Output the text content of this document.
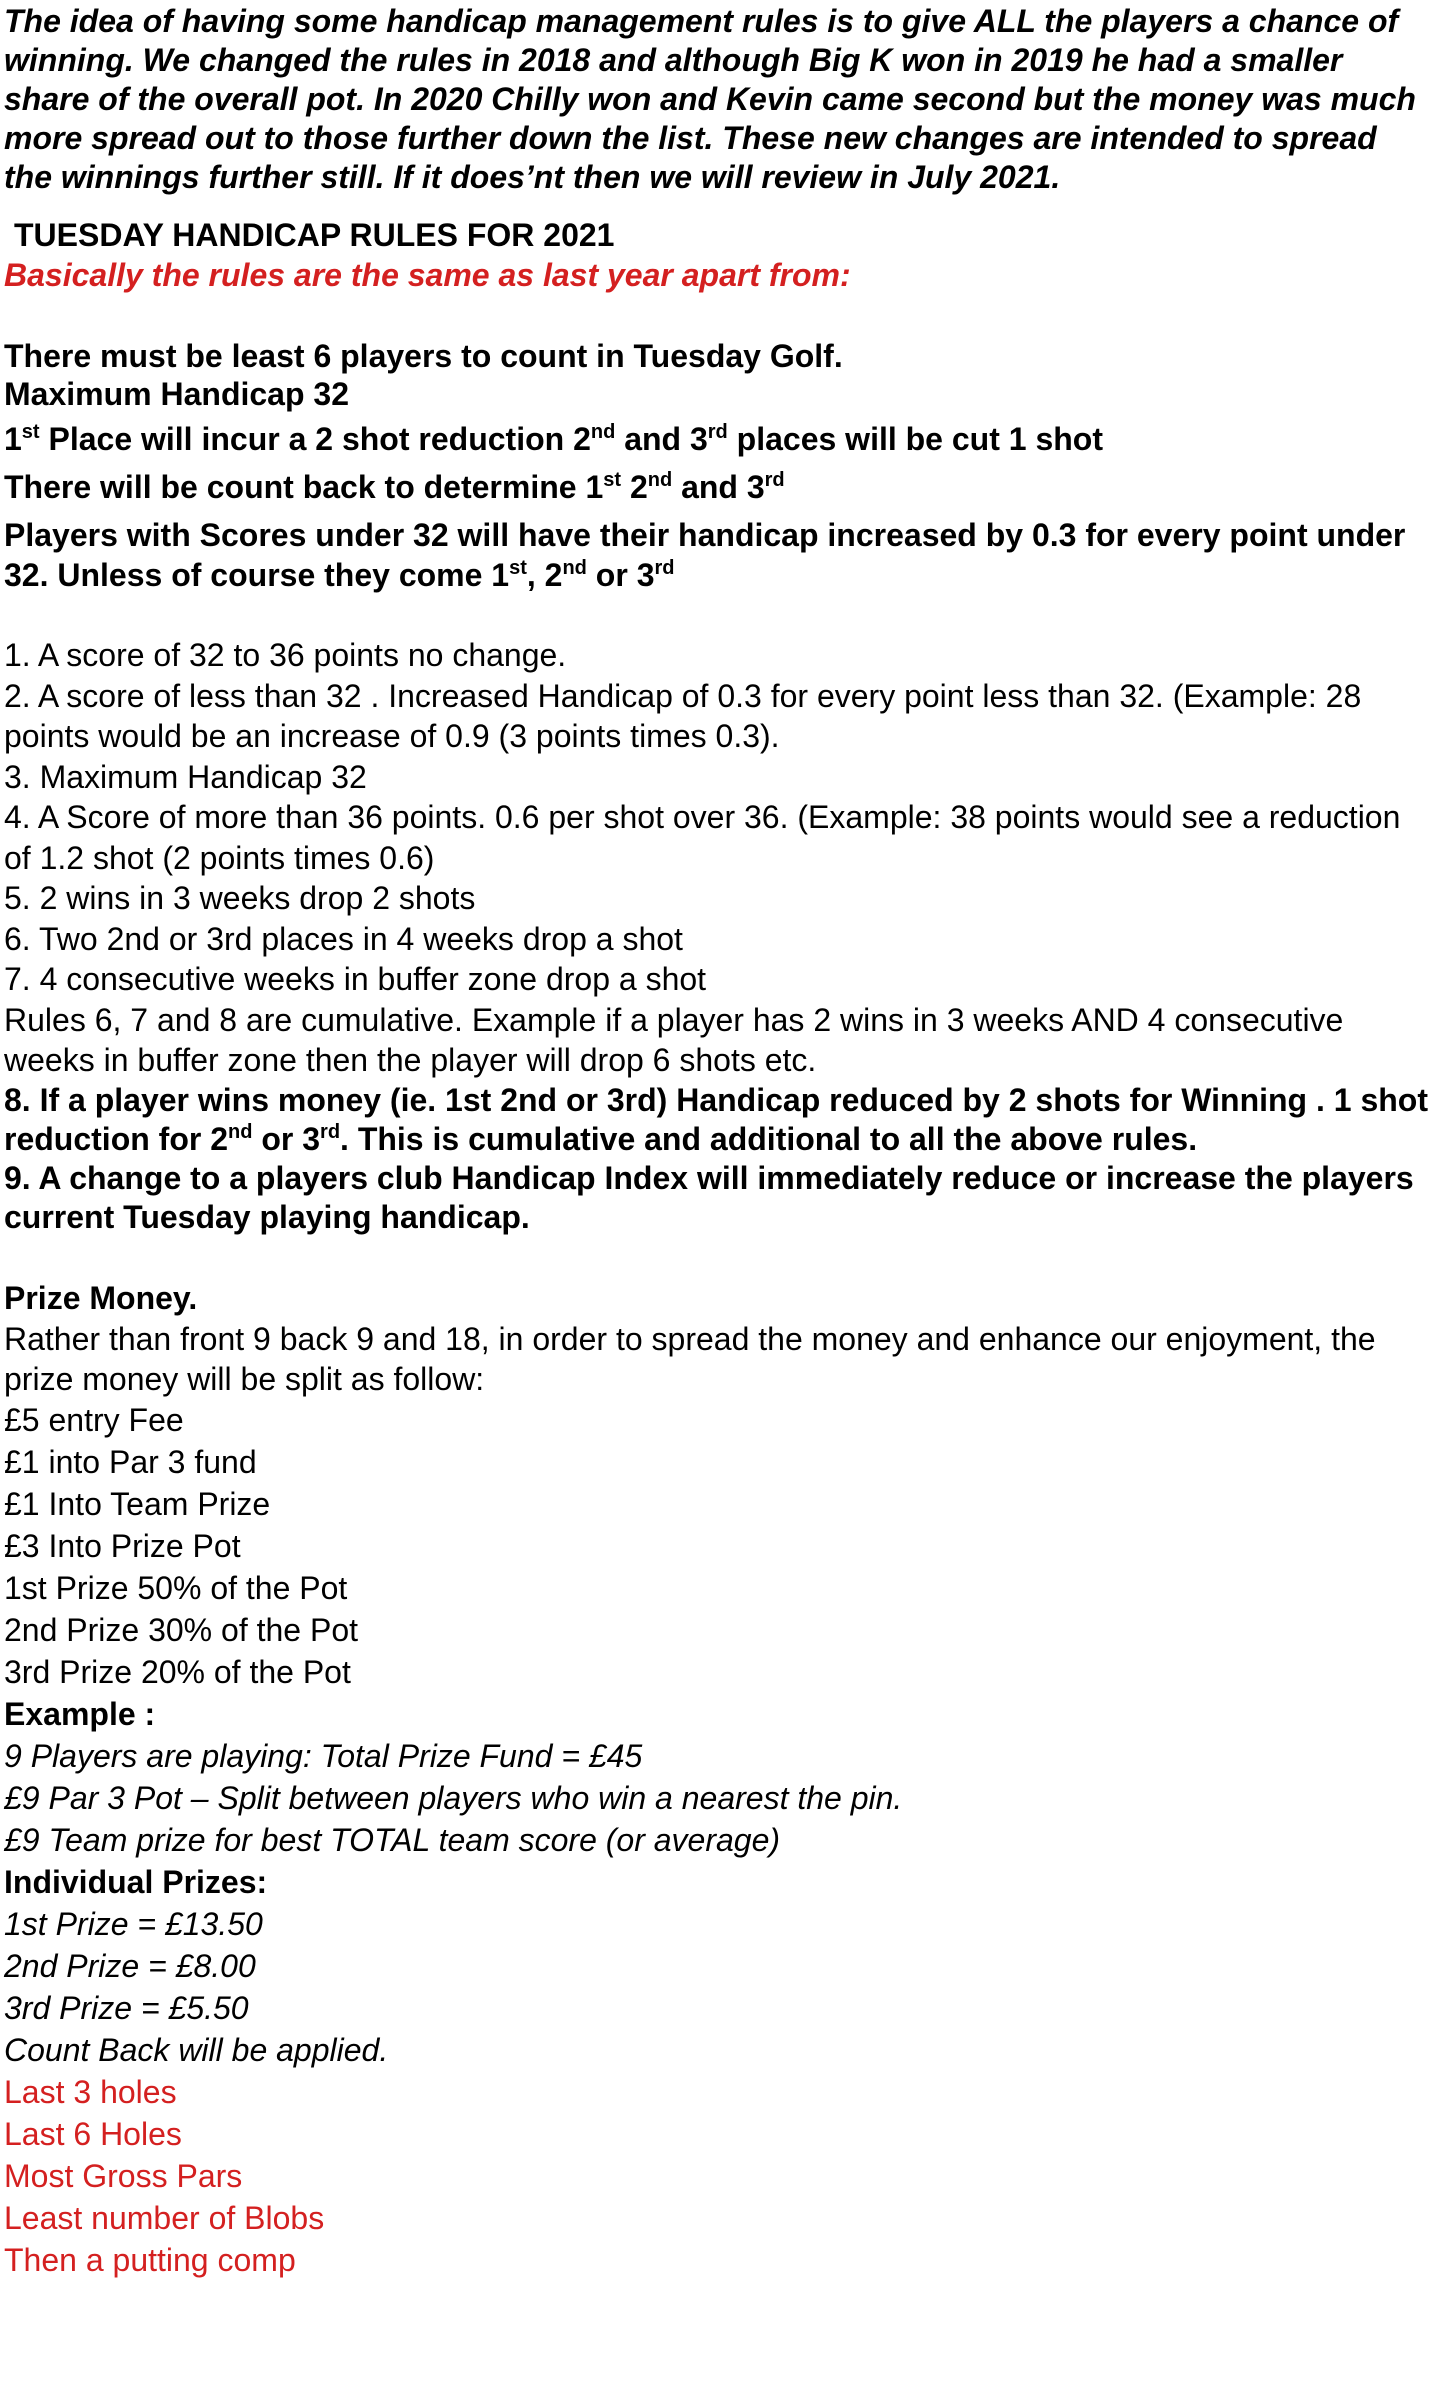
The idea of having some handicap management rules is to give ALL the players a chance of winning. We changed the rules in 2018 and although Big K won in 2019 he had a smaller share of the overall pot. In 2020 Chilly won and Kevin came second but the money was much more spread out to those further down the list. These new changes are intended to spread the winnings further still. If it does’nt then we will review in July 2021.

TUESDAY HANDICAP RULES FOR 2021

Basically the rules are the same as last year apart from:

There must be least 6 players to count in Tuesday Golf.

Maximum Handicap 32

1st Place will incur a 2 shot reduction 2nd and 3rd places will be cut 1 shot

There will be count back to determine 1st 2nd and 3rd

Players with Scores under 32 will have their handicap increased by 0.3 for every point under 32. Unless of course they come 1st, 2nd or 3rd

1. A score of 32 to 36 points no change.

2. A score of less than 32 . Increased Handicap of 0.3 for every point less than 32. (Example: 28 points would be an increase of 0.9 (3 points times 0.3).

3. Maximum Handicap 32

4. A Score of more than 36 points. 0.6 per shot over 36. (Example: 38 points would see a reduction of 1.2 shot (2 points times 0.6)

5. 2 wins in 3 weeks drop 2 shots

6. Two 2nd or 3rd places in 4 weeks drop a shot

7. 4 consecutive weeks in buffer zone drop a shot

Rules 6, 7 and 8 are cumulative. Example if a player has 2 wins in 3 weeks AND 4 consecutive weeks in buffer zone then the player will drop 6 shots etc.

8. If a player wins money (ie. 1st 2nd or 3rd) Handicap reduced by 2 shots for Winning . 1 shot reduction for 2nd or 3rd. This is cumulative and additional to all the above rules.

9. A change to a players club Handicap Index will immediately reduce or increase the players current Tuesday playing handicap.

Prize Money.

Rather than front 9 back 9 and 18, in order to spread the money and enhance our enjoyment, the prize money will be split as follow:

£5 entry Fee

£1 into Par 3 fund

£1 Into Team Prize

£3 Into Prize Pot

1st Prize 50% of the Pot

2nd Prize 30% of the Pot

3rd Prize 20% of the Pot

Example :

9 Players are playing: Total Prize Fund = £45

£9 Par 3 Pot – Split between players who win a nearest the pin.

£9 Team prize for best TOTAL team score (or average)

Individual Prizes:

1st Prize = £13.50

2nd Prize = £8.00

3rd Prize = £5.50

Count Back will be applied.

Last 3 holes

Last 6 Holes

Most Gross Pars

Least number of Blobs

Then a putting comp
